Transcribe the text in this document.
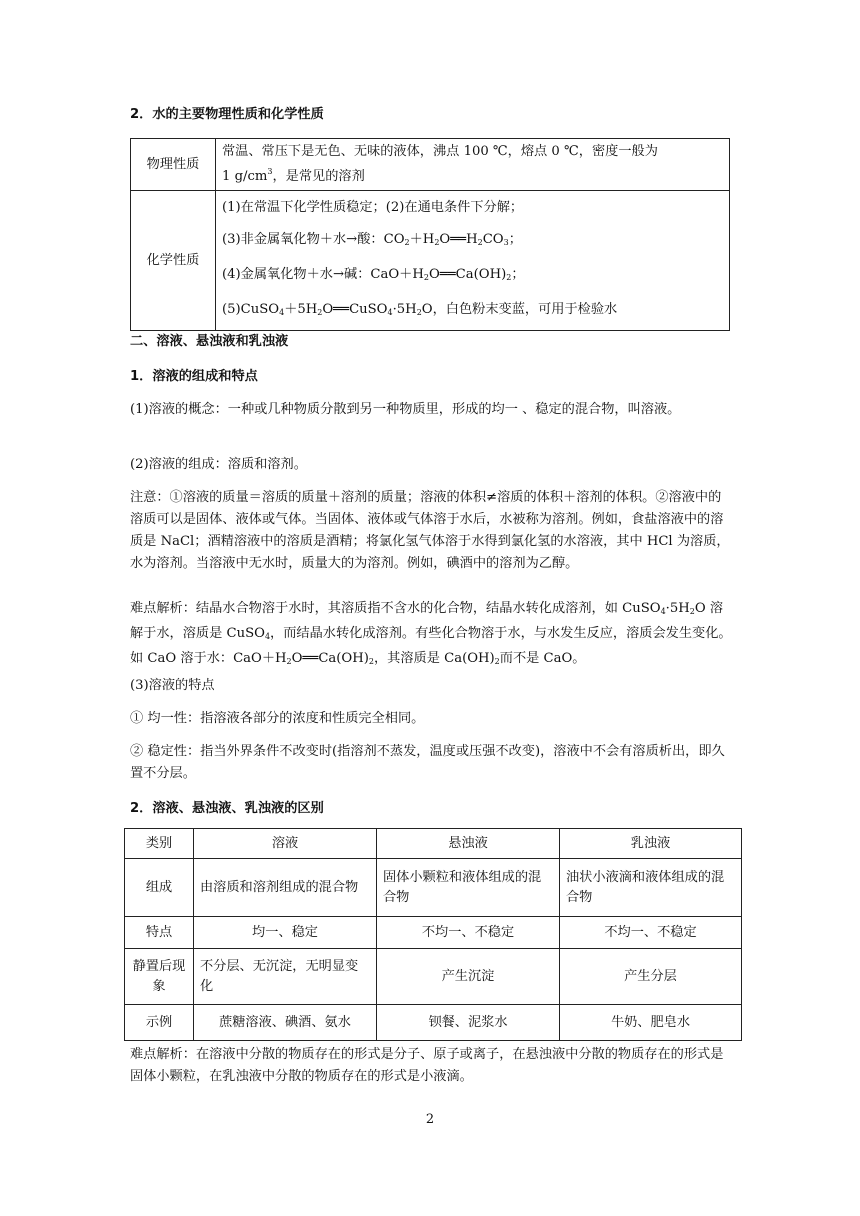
2．水的主要物理性质和化学性质
物理性质	常温、常压下是无色、无味的液体，沸点 100 ℃，熔点 0 ℃，密度一般为
1 $g/cm^3$，是常见的溶剂

化学性质	(1)在常温下化学性质稳定；(2)在通电条件下分解；
(3)非金属氧化物＋水→酸：$CO_2+H_2O══H_2CO_3$；
(4)金属氧化物＋水→碱：$CaO+H_2O══Ca(OH)_2$；
$(5)CuSO_4+5H_2O══CuSO_4\cdot 5H_2O$，白色粉末变蓝，可用于检验水
二、溶液、悬浊液和乳浊液
1．溶液的组成和特点
(1)溶液的概念：一种或几种物质分散到另一种物质里，形成的均一 、稳定的混合物，叫溶液。
(2)溶液的组成：溶质和溶剂。
注意：①溶液的质量＝溶质的质量＋溶剂的质量；溶液的体积≠溶质的体积＋溶剂的体积。②溶液中的溶质可以是固体、液体或气体。当固体、液体或气体溶于水后，水被称为溶剂。例如，食盐溶液中的溶质是 NaCl；酒精溶液中的溶质是酒精；将氯化氢气体溶于水得到氯化氢的水溶液，其中 HCl 为溶质，水为溶剂。当溶液中无水时，质量大的为溶剂。例如，碘酒中的溶剂为乙醇。
难点解析：结晶水合物溶于水时，其溶质指不含水的化合物，结晶水转化成溶剂，如 $CuSO_4\cdot 5H_2O$ 溶解于水，溶质是 CuSO$_4$，而结晶水转化成溶剂。有些化合物溶于水，与水发生反应，溶质会发生变化。如 CaO 溶于水：$CaO+H_2O══Ca(OH)_2$，其溶质是 $Ca(OH)_2$而不是 CaO。
(3)溶液的特点
① 均一性：指溶液各部分的浓度和性质完全相同。
② 稳定性：指当外界条件不改变时(指溶剂不蒸发，温度或压强不改变)，溶液中不会有溶质析出，即久置不分层。
2．溶液、悬浊液、乳浊液的区别
类别	溶液	悬浊液	乳浊液
组成	由溶质和溶剂组成的混合物	固体小颗粒和液体组成的混合物	油状小液滴和液体组成的混合物
特点	均一、稳定	不均一、不稳定	不均一、不稳定
静置后现象	不分层、无沉淀，无明显变化	产生沉淀	产生分层
示例	蔗糖溶液、碘酒、氨水	钡餐、泥浆水	牛奶、肥皂水
难点解析：在溶液中分散的物质存在的形式是分子、原子或离子，在悬浊液中分散的物质存在的形式是固体小颗粒，在乳浊液中分散的物质存在的形式是小液滴。
2
